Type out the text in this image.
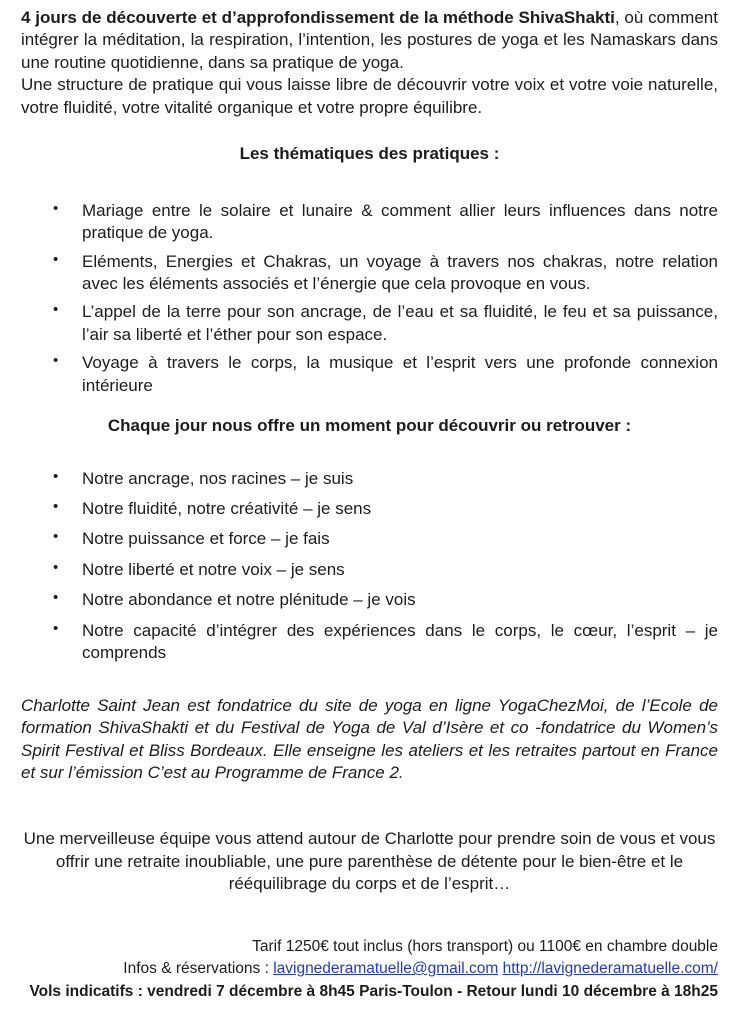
4 jours de découverte et d’approfondissement de la méthode ShivaShakti, où comment intégrer la méditation, la respiration, l’intention, les postures de yoga et les Namaskars dans une routine quotidienne, dans sa pratique de yoga.

Une structure de pratique qui vous laisse libre de découvrir votre voix et votre voie naturelle, votre fluidité, votre vitalité organique et votre propre équilibre.

Les thématiques des pratiques :
• Mariage entre le solaire et lunaire & comment allier leurs influences dans notre pratique de yoga.
• Eléments, Energies et Chakras, un voyage à travers nos chakras, notre relation avec les éléments associés et l’énergie que cela provoque en vous.
• L’appel de la terre pour son ancrage, de l’eau et sa fluidité, le feu et sa puissance, l’air sa liberté et l’éther pour son espace.
• Voyage à travers le corps, la musique et l’esprit vers une profonde connexion intérieure
Chaque jour nous offre un moment pour découvrir ou retrouver :
• Notre ancrage, nos racines – je suis
• Notre fluidité, notre créativité – je sens
• Notre puissance et force – je fais
• Notre liberté et notre voix – je sens
• Notre abondance et notre plénitude – je vois
• Notre capacité d’intégrer des expériences dans le corps, le cœur, l’esprit – je comprends

Charlotte Saint Jean est fondatrice du site de yoga en ligne YogaChezMoi, de l’Ecole de formation ShivaShakti et du Festival de Yoga de Val d’Isère et co -fondatrice du Women’s Spirit Festival et Bliss Bordeaux. Elle enseigne les ateliers et les retraites partout en France et sur l’émission C’est au Programme de France 2.

Une merveilleuse équipe vous attend autour de Charlotte pour prendre soin de vous et vous offrir une retraite inoubliable, une pure parenthèse de détente pour le bien-être et le rééquilibrage du corps et de l’esprit…

Tarif 1250€ tout inclus (hors transport) ou 1100€ en chambre double
Infos & réservations : lavignederamatuelle@gmail.com http://lavignederamatuelle.com/
Vols indicatifs : vendredi 7 décembre à 8h45 Paris-Toulon - Retour lundi 10 décembre à 18h25
